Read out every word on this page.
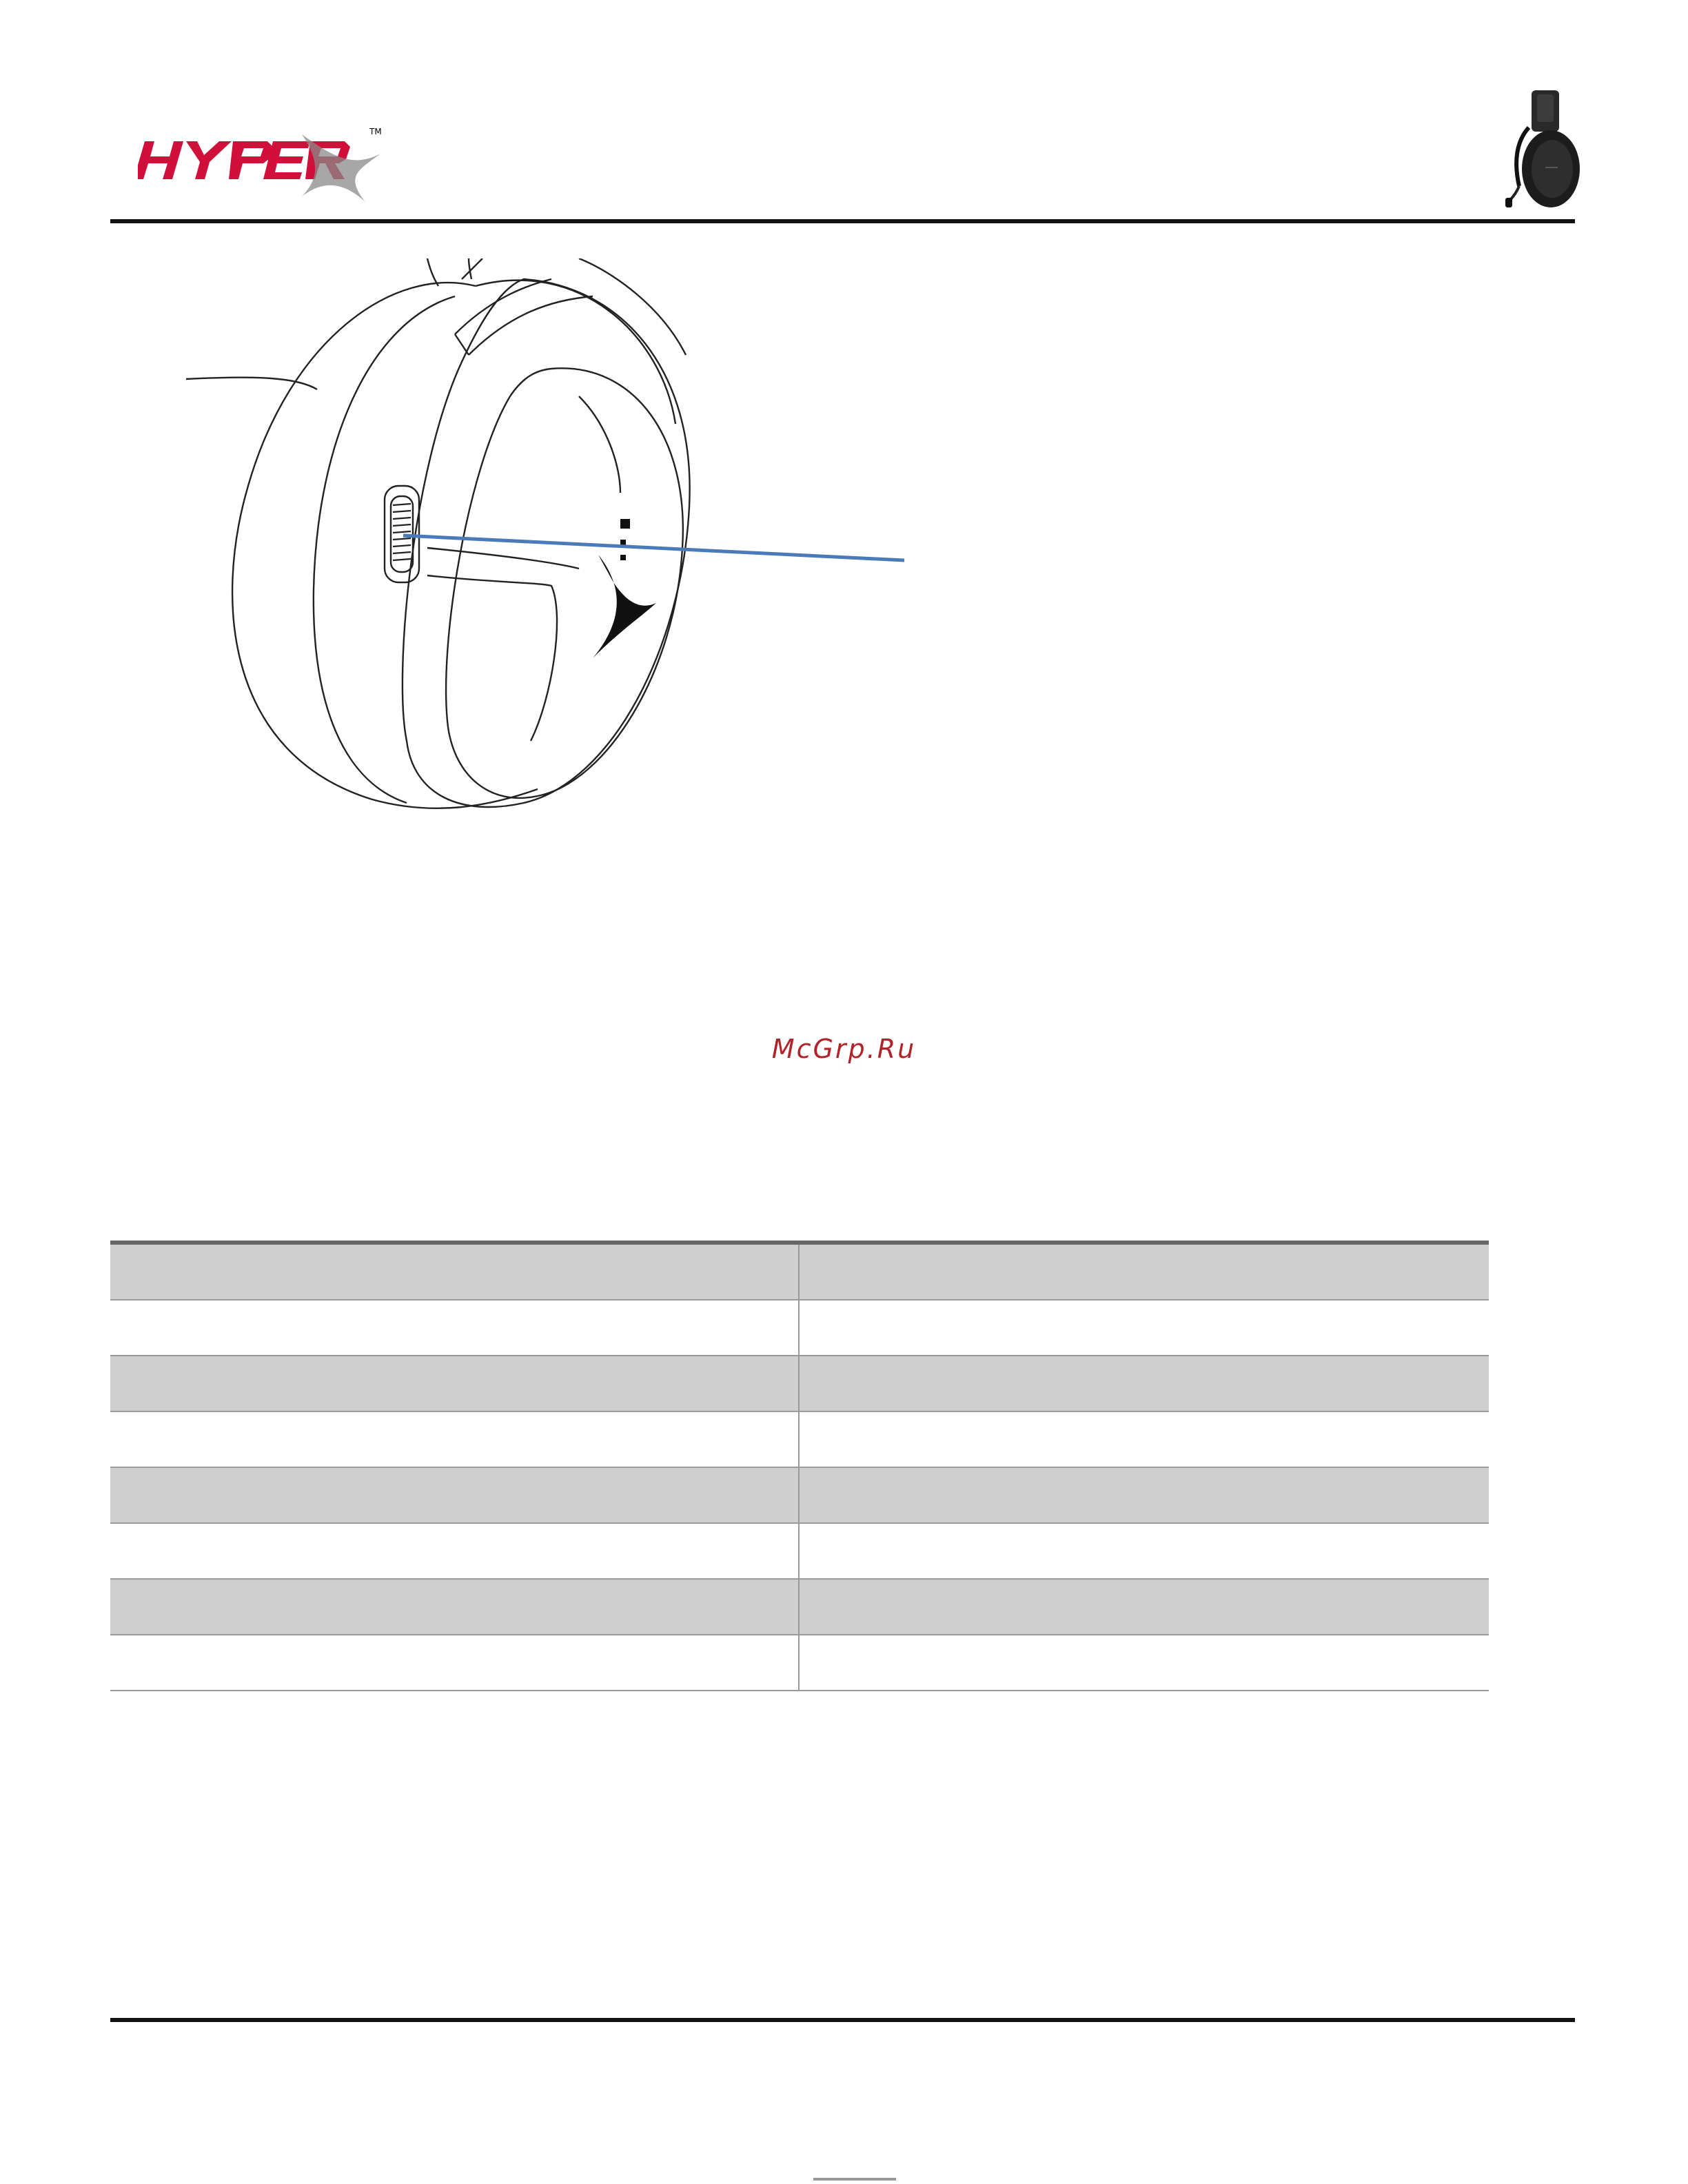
TM
McGrp.Ru
